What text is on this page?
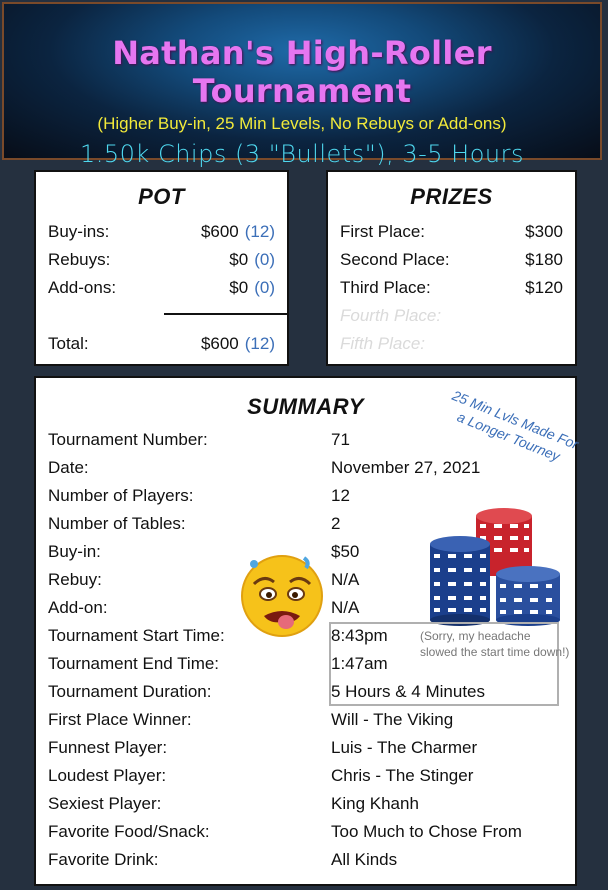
Nathan's High-Roller Tournament
(Higher Buy-in, 25 Min Levels, No Rebuys or Add-ons)
1.50k Chips (3 "Bullets"), 3-5 Hours
POT
Buy-ins:	$600 (12)
Rebuys:	$0 (0)
Add-ons:	$0 (0)
Total:	$600 (12)
PRIZES
First Place:	$300
Second Place:	$180
Third Place:	$120
Fourth Place:
Fifth Place:
SUMMARY	25 Min Lvls Made For a Longer Tourney
(Sorry, my headache slowed the start time down!)
Tournament Number:	71
Date:	November 27, 2021
Number of Players:	12
Number of Tables:	2
Buy-in:	$50
Rebuy:	N/A
Add-on:	N/A
Tournament Start Time:	8:43pm
Tournament End Time:	1:47am
Tournament Duration:	5 Hours & 4 Minutes
First Place Winner:	Will - The Viking
Funnest Player:	Luis - The Charmer
Loudest Player:	Chris - The Stinger
Sexiest Player:	King Khanh
Favorite Food/Snack:	Too Much to Chose From
Favorite Drink:	All Kinds
